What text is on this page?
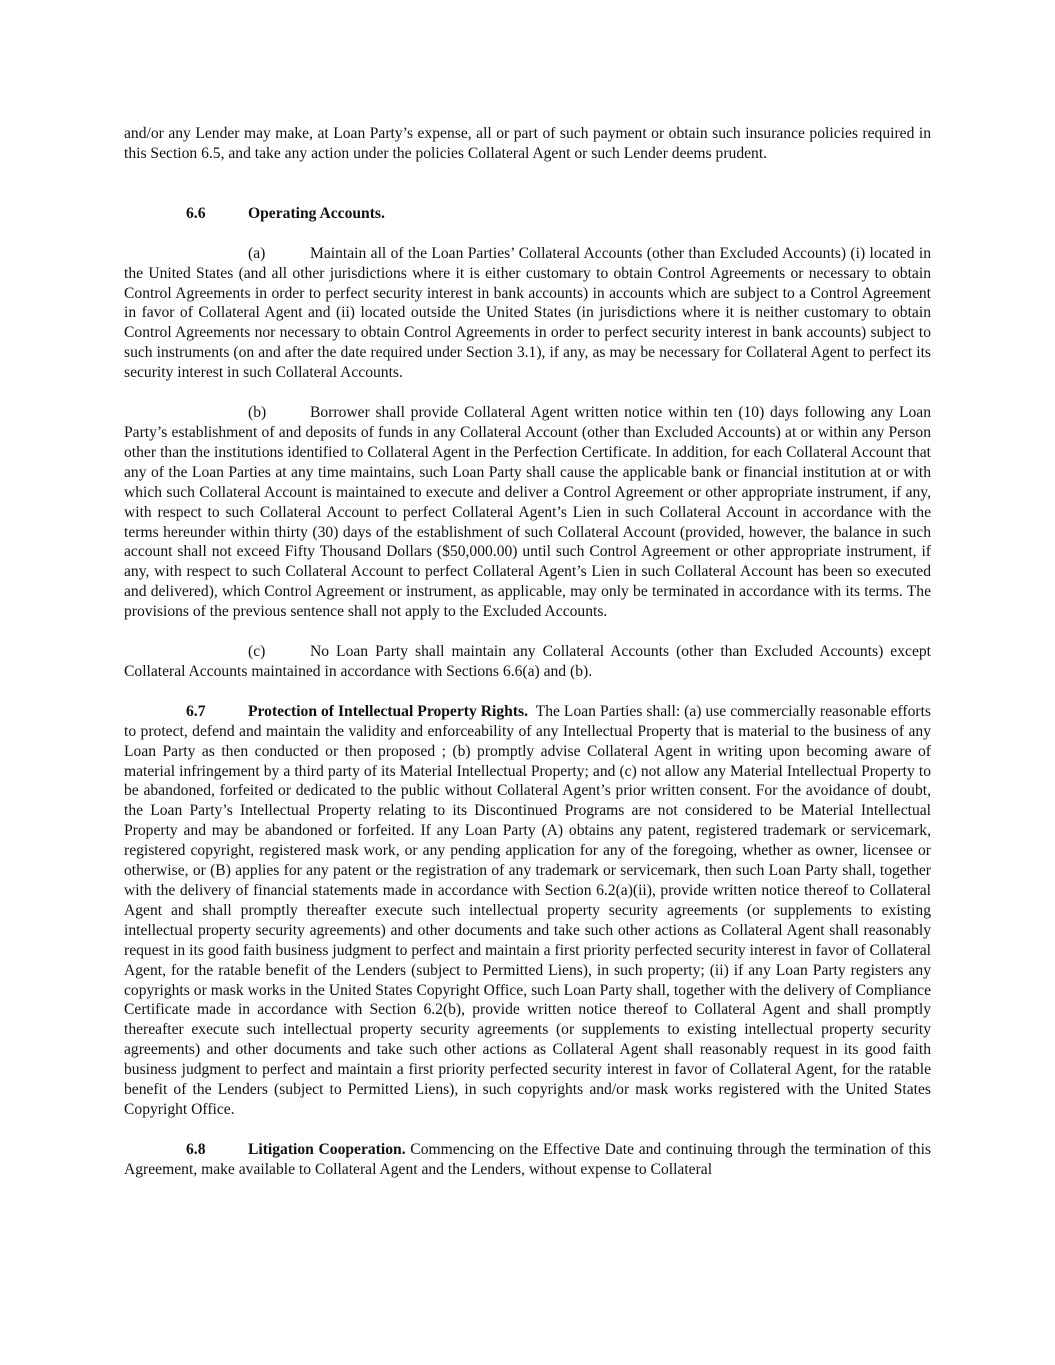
and/or any Lender may make, at Loan Party’s expense, all or part of such payment or obtain such insurance policies required in this Section 6.5, and take any action under the policies Collateral Agent or such Lender deems prudent.

6.6	Operating Accounts.

(a)	Maintain all of the Loan Parties’ Collateral Accounts (other than Excluded Accounts) (i) located in the United States (and all other jurisdictions where it is either customary to obtain Control Agreements or necessary to obtain Control Agreements in order to perfect security interest in bank accounts) in accounts which are subject to a Control Agreement in favor of Collateral Agent and (ii) located outside the United States (in jurisdictions where it is neither customary to obtain Control Agreements nor necessary to obtain Control Agreements in order to perfect security interest in bank accounts) subject to such instruments (on and after the date required under Section 3.1), if any, as may be necessary for Collateral Agent to perfect its security interest in such Collateral Accounts.

(b)	Borrower shall provide Collateral Agent written notice within ten (10) days following any Loan Party’s establishment of and deposits of funds in any Collateral Account (other than Excluded Accounts) at or within any Person other than the institutions identified to Collateral Agent in the Perfection Certificate. In addition, for each Collateral Account that any of the Loan Parties at any time maintains, such Loan Party shall cause the applicable bank or financial institution at or with which such Collateral Account is maintained to execute and deliver a Control Agreement or other appropriate instrument, if any, with respect to such Collateral Account to perfect Collateral Agent’s Lien in such Collateral Account in accordance with the terms hereunder within thirty (30) days of the establishment of such Collateral Account (provided, however, the balance in such account shall not exceed Fifty Thousand Dollars ($50,000.00) until such Control Agreement or other appropriate instrument, if any, with respect to such Collateral Account to perfect Collateral Agent’s Lien in such Collateral Account has been so executed and delivered), which Control Agreement or instrument, as applicable, may only be terminated in accordance with its terms. The provisions of the previous sentence shall not apply to the Excluded Accounts.

(c)	No Loan Party shall maintain any Collateral Accounts (other than Excluded Accounts) except Collateral Accounts maintained in accordance with Sections 6.6(a) and (b).

6.7	Protection of Intellectual Property Rights. The Loan Parties shall: (a) use commercially reasonable efforts to protect, defend and maintain the validity and enforceability of any Intellectual Property that is material to the business of any Loan Party as then conducted or then proposed ; (b) promptly advise Collateral Agent in writing upon becoming aware of material infringement by a third party of its Material Intellectual Property; and (c) not allow any Material Intellectual Property to be abandoned, forfeited or dedicated to the public without Collateral Agent’s prior written consent. For the avoidance of doubt, the Loan Party’s Intellectual Property relating to its Discontinued Programs are not considered to be Material Intellectual Property and may be abandoned or forfeited. If any Loan Party (A) obtains any patent, registered trademark or servicemark, registered copyright, registered mask work, or any pending application for any of the foregoing, whether as owner, licensee or otherwise, or (B) applies for any patent or the registration of any trademark or servicemark, then such Loan Party shall, together with the delivery of financial statements made in accordance with Section 6.2(a)(ii), provide written notice thereof to Collateral Agent and shall promptly thereafter execute such intellectual property security agreements (or supplements to existing intellectual property security agreements) and other documents and take such other actions as Collateral Agent shall reasonably request in its good faith business judgment to perfect and maintain a first priority perfected security interest in favor of Collateral Agent, for the ratable benefit of the Lenders (subject to Permitted Liens), in such property; (ii) if any Loan Party registers any copyrights or mask works in the United States Copyright Office, such Loan Party shall, together with the delivery of Compliance Certificate made in accordance with Section 6.2(b), provide written notice thereof to Collateral Agent and shall promptly thereafter execute such intellectual property security agreements (or supplements to existing intellectual property security agreements) and other documents and take such other actions as Collateral Agent shall reasonably request in its good faith business judgment to perfect and maintain a first priority perfected security interest in favor of Collateral Agent, for the ratable benefit of the Lenders (subject to Permitted Liens), in such copyrights and/or mask works registered with the United States Copyright Office.

6.8	Litigation Cooperation. Commencing on the Effective Date and continuing through the termination of this Agreement, make available to Collateral Agent and the Lenders, without expense to Collateral
